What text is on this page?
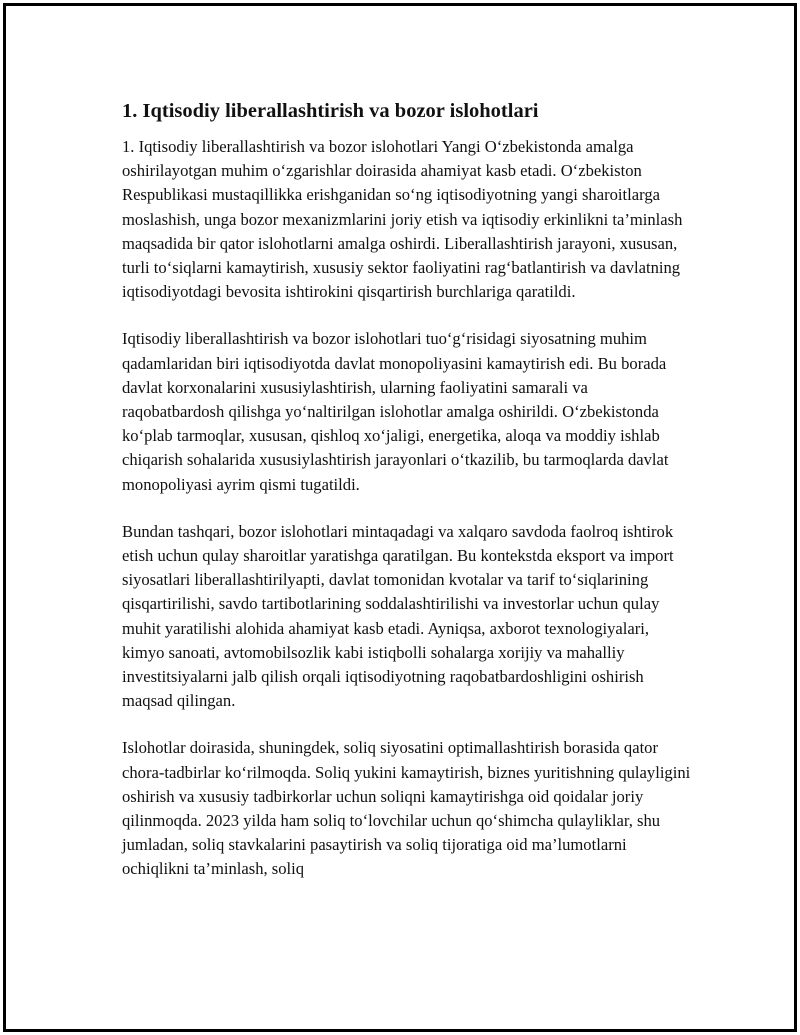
1. Iqtisodiy liberallashtirish va bozor islohotlari

1. Iqtisodiy liberallashtirish va bozor islohotlari Yangi O‘zbekistonda amalga oshirilayotgan muhim o‘zgarishlar doirasida ahamiyat kasb etadi. O‘zbekiston Respublikasi mustaqillikka erishganidan so‘ng iqtisodiyotning yangi sharoitlarga moslashish, unga bozor mexanizmlarini joriy etish va iqtisodiy erkinlikni ta’minlash maqsadida bir qator islohotlarni amalga oshirdi. Liberallashtirish jarayoni, xususan, turli to‘siqlarni kamaytirish, xususiy sektor faoliyatini rag‘batlantirish va davlatning iqtisodiyotdagi bevosita ishtirokini qisqartirish burchlariga qaratildi.

Iqtisodiy liberallashtirish va bozor islohotlari tuo‘g‘risidagi siyosatning muhim qadamlaridan biri iqtisodiyotda davlat monopoliyasini kamaytirish edi. Bu borada davlat korxonalarini xususiylashtirish, ularning faoliyatini samarali va raqobatbardosh qilishga yo‘naltirilgan islohotlar amalga oshirildi. O‘zbekistonda ko‘plab tarmoqlar, xususan, qishloq xo‘jaligi, energetika, aloqa va moddiy ishlab chiqarish sohalarida xususiylashtirish jarayonlari o‘tkazilib, bu tarmoqlarda davlat monopoliyasi ayrim qismi tugatildi.

Bundan tashqari, bozor islohotlari mintaqadagi va xalqaro savdoda faolroq ishtirok etish uchun qulay sharoitlar yaratishga qaratilgan. Bu kontekstda eksport va import siyosatlari liberallashtirilyapti, davlat tomonidan kvotalar va tarif to‘siqlarining qisqartirilishi, savdo tartibotlarining soddalashtirilishi va investorlar uchun qulay muhit yaratilishi alohida ahamiyat kasb etadi. Ayniqsa, axborot texnologiyalari, kimyo sanoati, avtomobilsozlik kabi istiqbolli sohalarga xorijiy va mahalliy investitsiyalarni jalb qilish orqali iqtisodiyotning raqobatbardoshligini oshirish maqsad qilingan.

Islohotlar doirasida, shuningdek, soliq siyosatini optimallashtirish borasida qator chora-tadbirlar ko‘rilmoqda. Soliq yukini kamaytirish, biznes yuritishning qulayligini oshirish va xususiy tadbirkorlar uchun soliqni kamaytirishga oid qoidalar joriy qilinmoqda. 2023 yilda ham soliq to‘lovchilar uchun qo‘shimcha qulayliklar, shu jumladan, soliq stavkalarini pasaytirish va soliq tijoratiga oid ma’lumotlarni ochiqlikni ta’minlash, soliq
